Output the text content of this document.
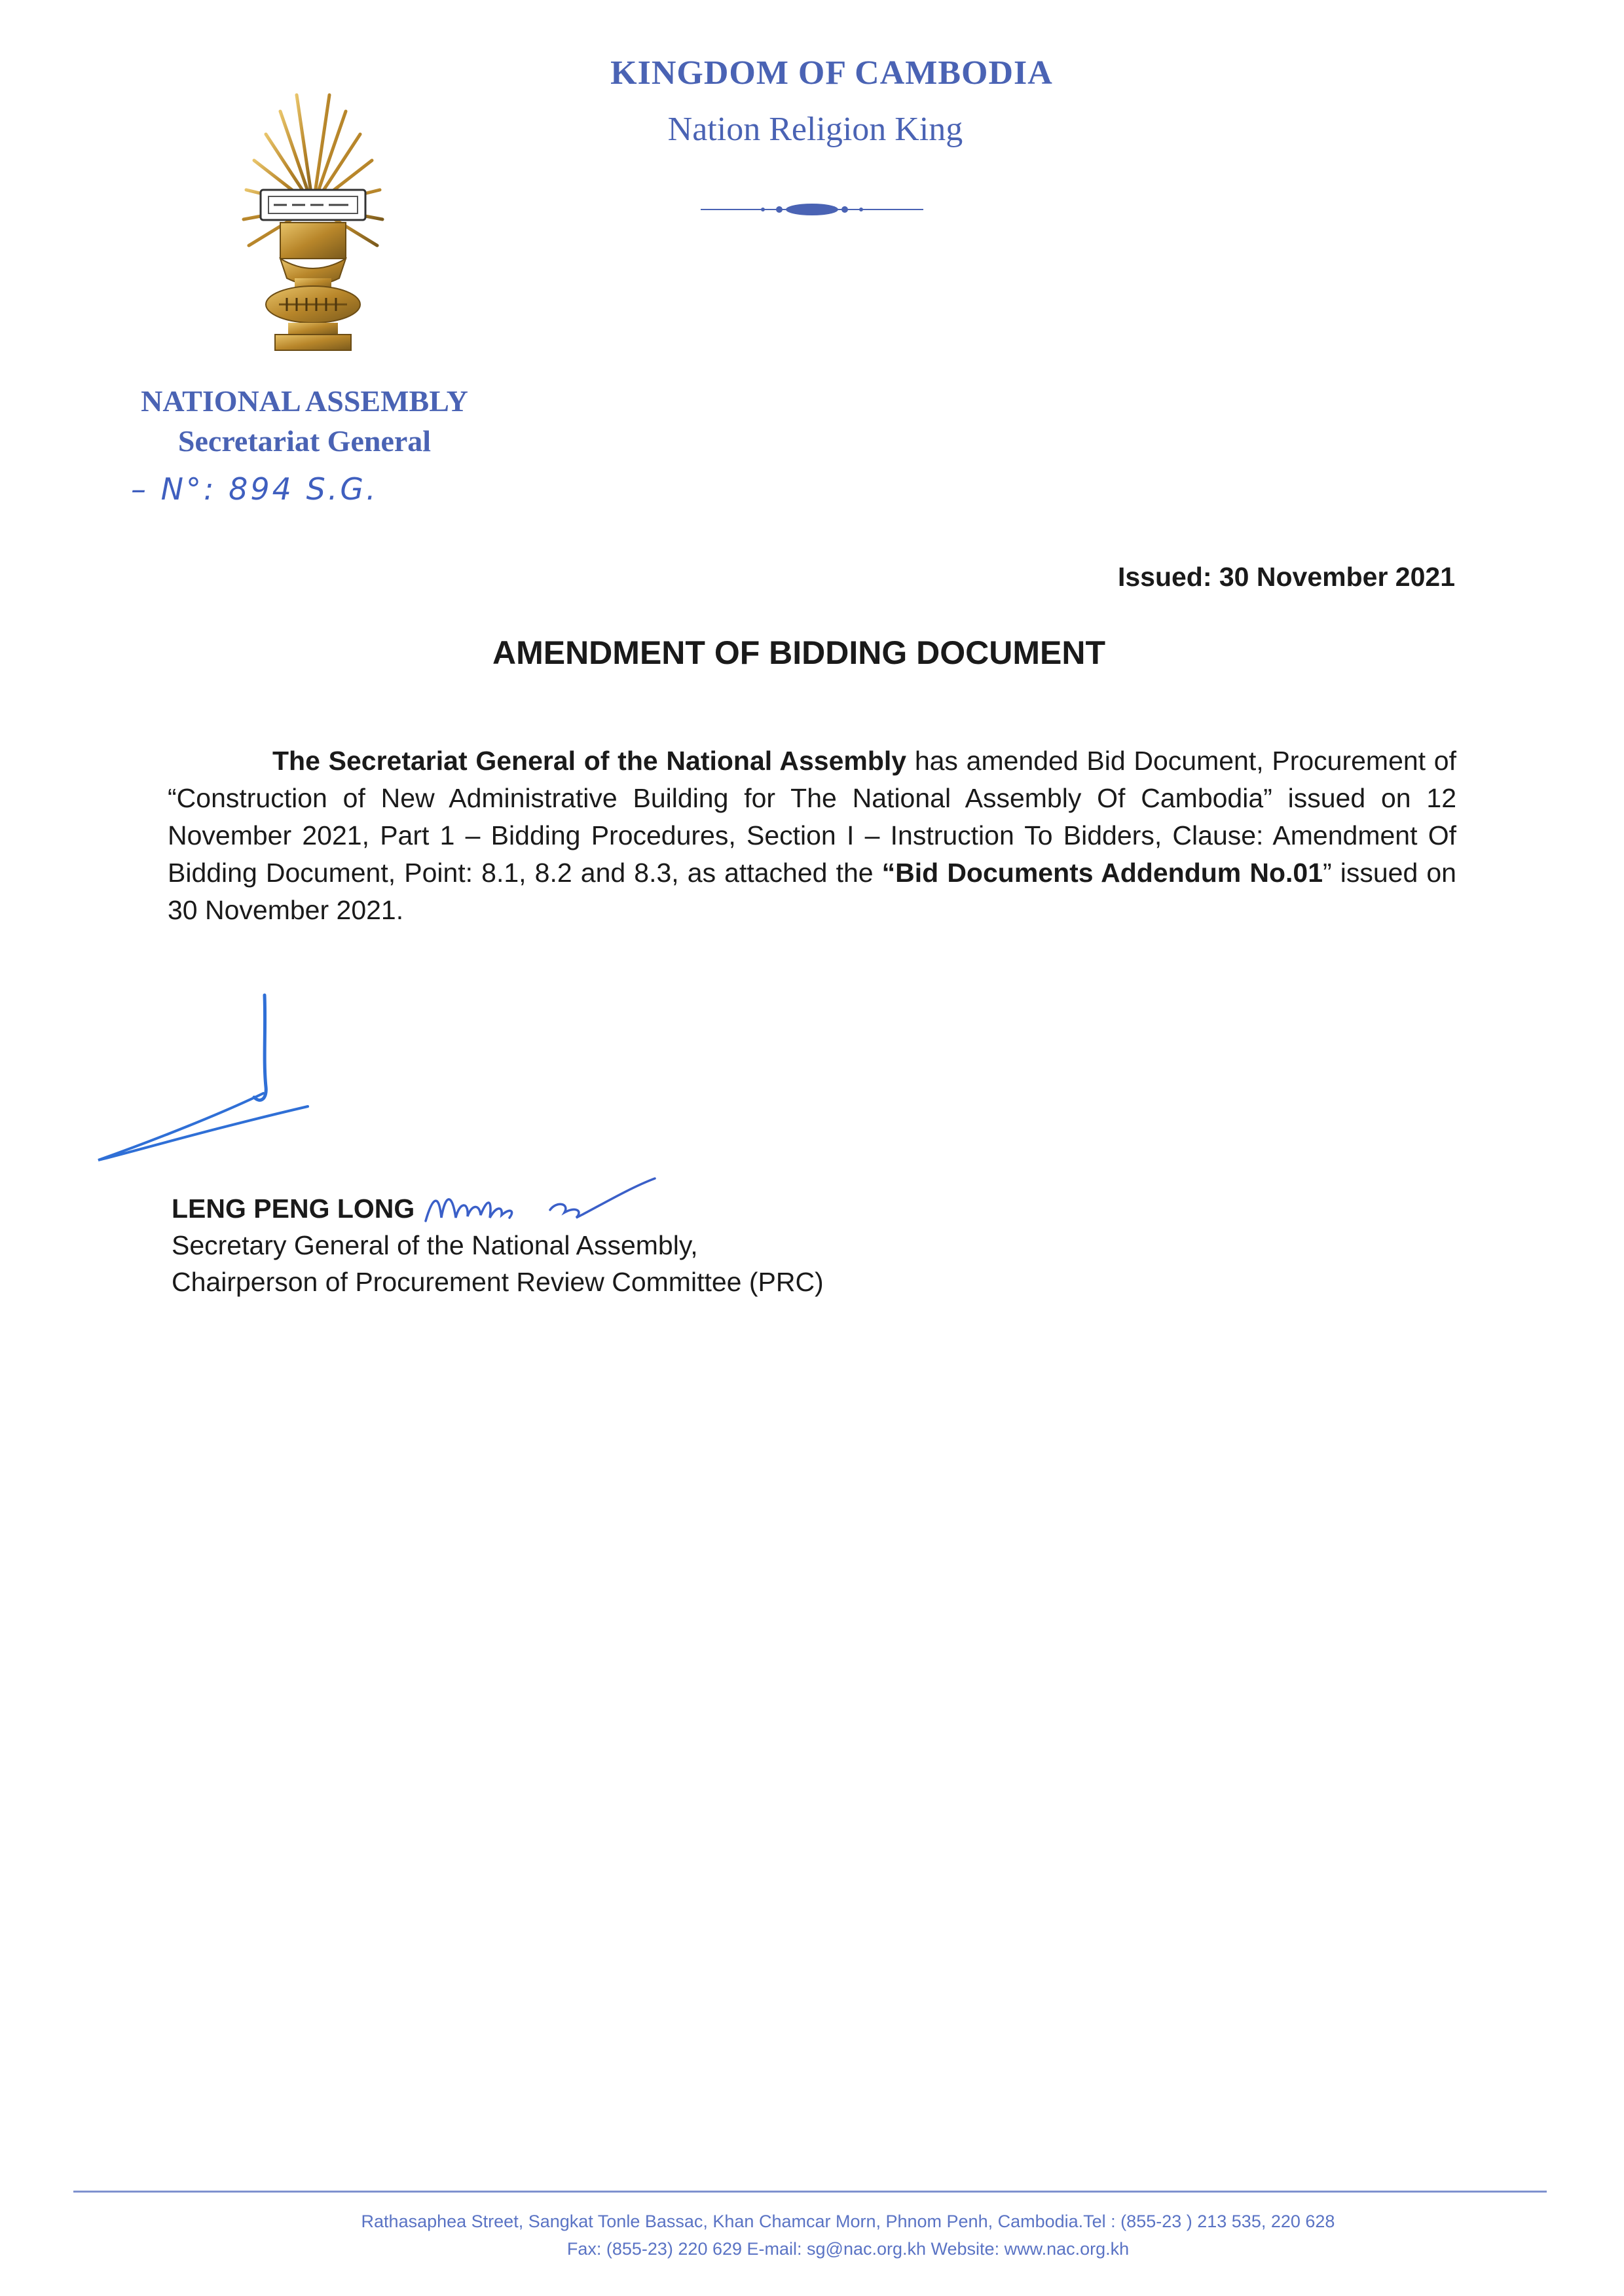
KINGDOM OF CAMBODIA
Nation Religion King
NATIONAL ASSEMBLY
Secretariat General
– N°: 894 S.G.
Issued: 30 November 2021
AMENDMENT OF BIDDING DOCUMENT
The Secretariat General of the National Assembly has amended Bid Document, Procurement of “Construction of New Administrative Building for The National Assembly Of Cambodia” issued on 12 November 2021, Part 1 – Bidding Procedures, Section I – Instruction To Bidders, Clause: Amendment Of Bidding Document, Point: 8.1, 8.2 and 8.3, as attached the “Bid Documents Addendum No.01” issued on 30 November 2021.
LENG PENG LONG
Secretary General of the National Assembly,
Chairperson of Procurement Review Committee (PRC)
Rathasaphea Street, Sangkat Tonle Bassac, Khan Chamcar Morn, Phnom Penh, Cambodia.Tel : (855-23 ) 213 535, 220 628
Fax: (855-23) 220 629 E-mail: sg@nac.org.kh Website: www.nac.org.kh
